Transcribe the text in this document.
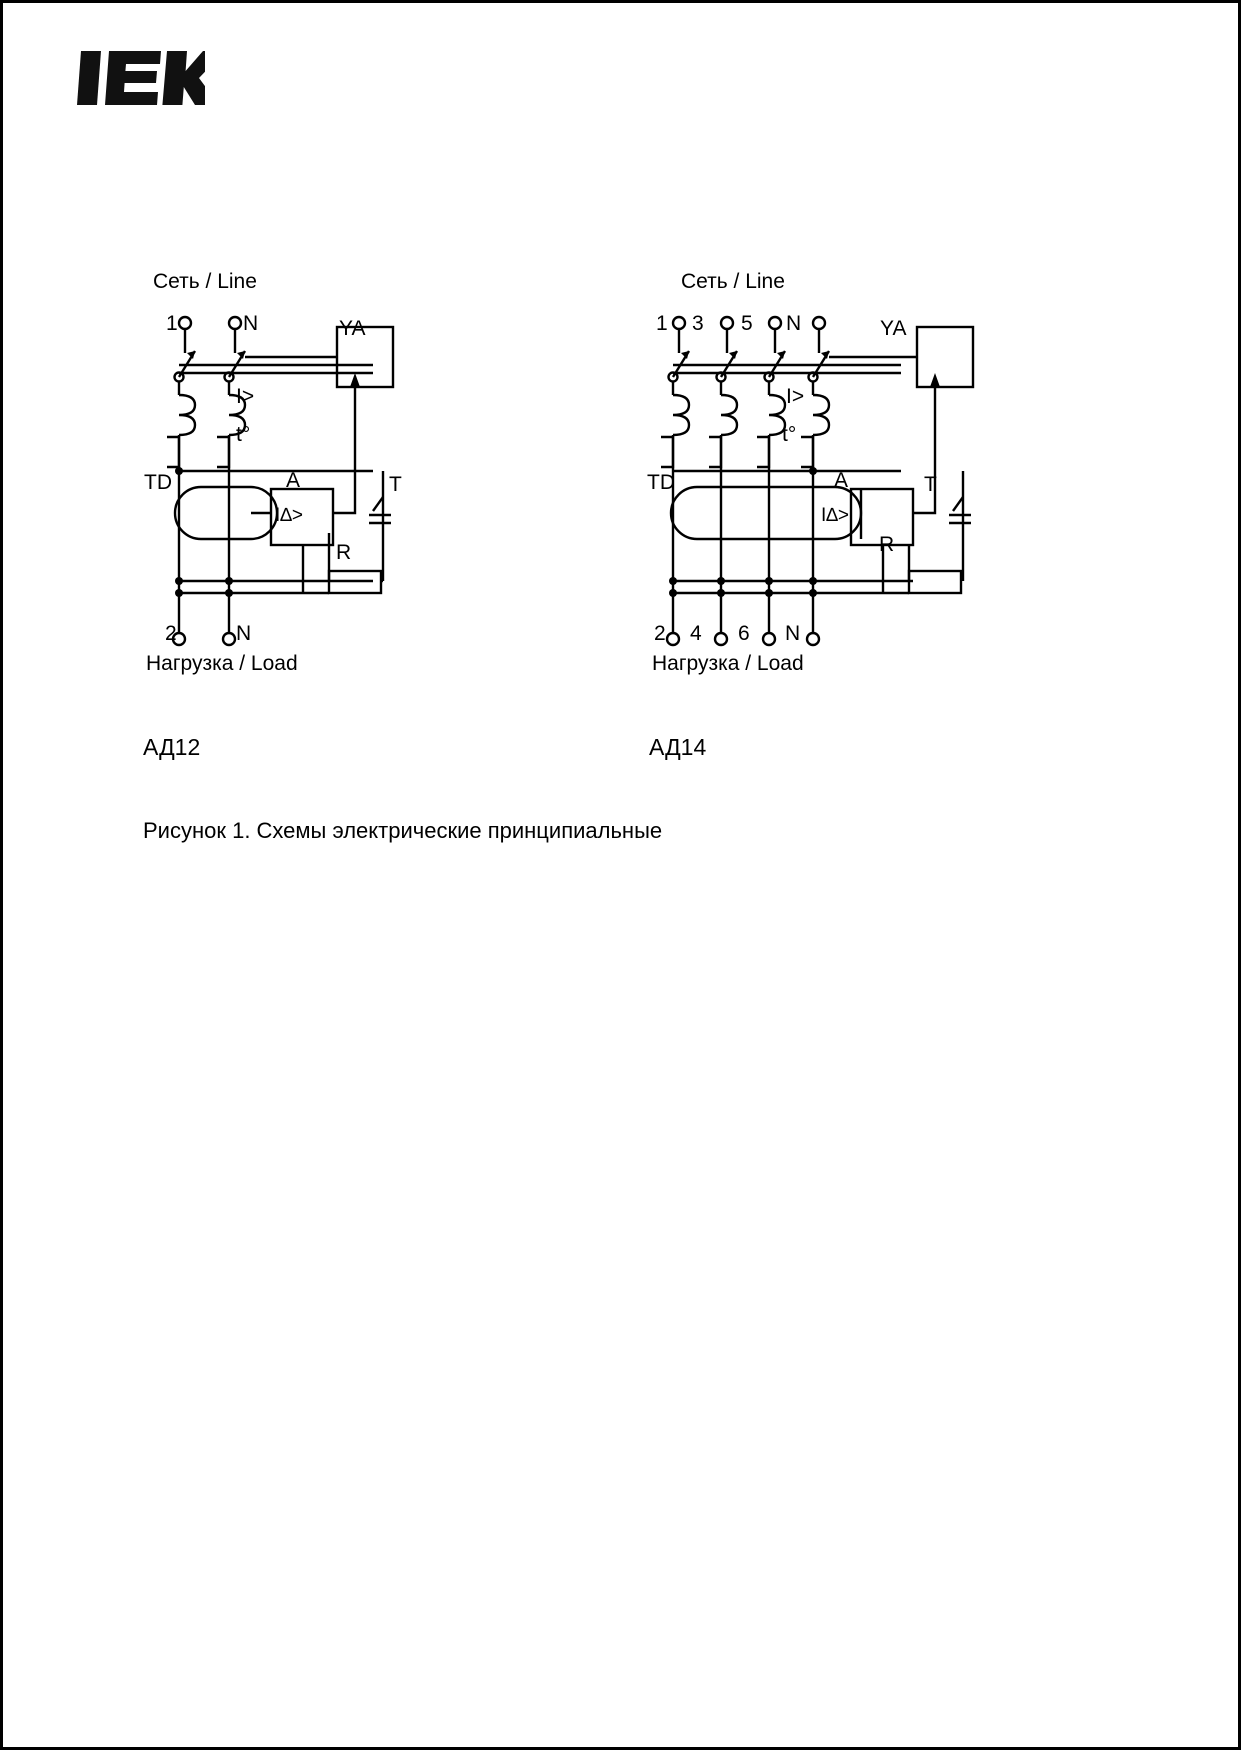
Сеть / Line
1	N
I>
t°
YA
TD	A
I∆>
R
T
2	N
Нагрузка / Load
АД12
Сеть / Line
1 3 5 N
I>
t°
YA
TD	A
I∆>
R
T
2 4 6 N
Нагрузка / Load
АД14
Рисунок 1. Схемы электрические принципиальные
